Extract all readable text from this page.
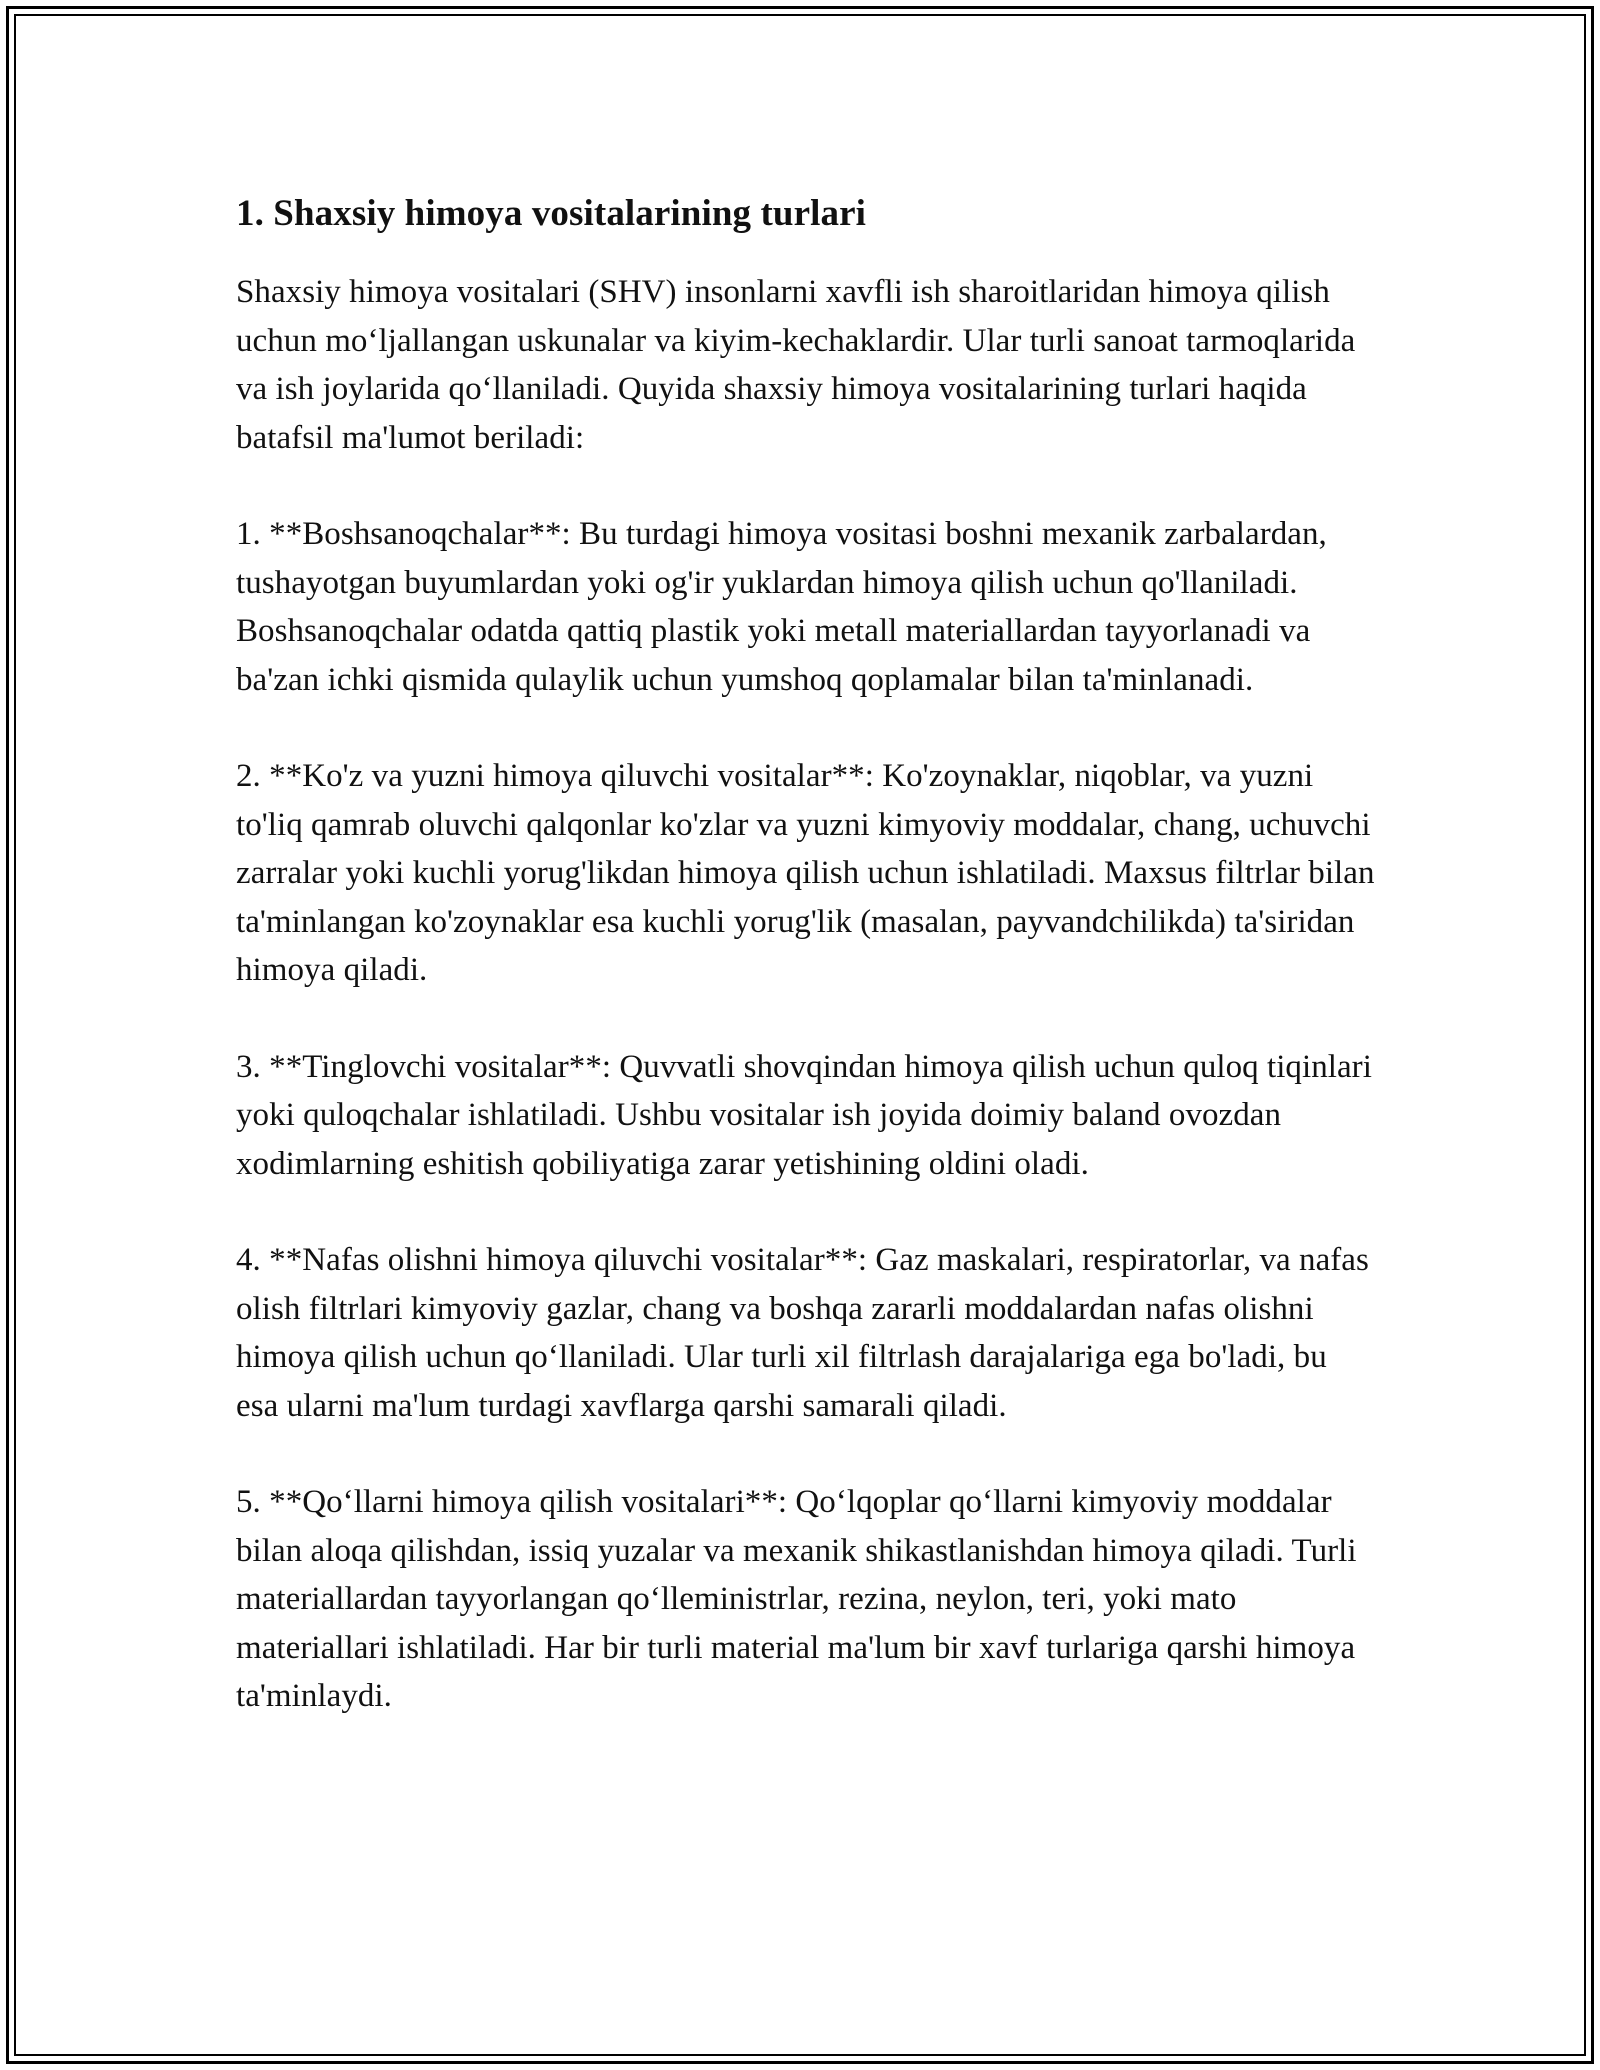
1. Shaxsiy himoya vositalarining turlari

Shaxsiy himoya vositalari (SHV) insonlarni xavfli ish sharoitlaridan himoya qilish uchun mo‘ljallangan uskunalar va kiyim-kechaklardir. Ular turli sanoat tarmoqlarida va ish joylarida qo‘llaniladi. Quyida shaxsiy himoya vositalarining turlari haqida batafsil ma'lumot beriladi:

1. **Boshsanoqchalar**: Bu turdagi himoya vositasi boshni mexanik zarbalardan, tushayotgan buyumlardan yoki og'ir yuklardan himoya qilish uchun qo'llaniladi. Boshsanoqchalar odatda qattiq plastik yoki metall materiallardan tayyorlanadi va ba'zan ichki qismida qulaylik uchun yumshoq qoplamalar bilan ta'minlanadi.

2. **Ko'z va yuzni himoya qiluvchi vositalar**: Ko'zoynaklar, niqoblar, va yuzni to'liq qamrab oluvchi qalqonlar ko'zlar va yuzni kimyoviy moddalar, chang, uchuvchi zarralar yoki kuchli yorug'likdan himoya qilish uchun ishlatiladi. Maxsus filtrlar bilan ta'minlangan ko'zoynaklar esa kuchli yorug'lik (masalan, payvandchilikda) ta'siridan himoya qiladi.

3. **Tinglovchi vositalar**: Quvvatli shovqindan himoya qilish uchun quloq tiqinlari yoki quloqchalar ishlatiladi. Ushbu vositalar ish joyida doimiy baland ovozdan xodimlarning eshitish qobiliyatiga zarar yetishining oldini oladi.

4. **Nafas olishni himoya qiluvchi vositalar**: Gaz maskalari, respiratorlar, va nafas olish filtrlari kimyoviy gazlar, chang va boshqa zararli moddalardan nafas olishni himoya qilish uchun qo‘llaniladi. Ular turli xil filtrlash darajalariga ega bo'ladi, bu esa ularni ma'lum turdagi xavflarga qarshi samarali qiladi.

5. **Qo‘llarni himoya qilish vositalari**: Qo‘lqoplar qo‘llarni kimyoviy moddalar bilan aloqa qilishdan, issiq yuzalar va mexanik shikastlanishdan himoya qiladi. Turli materiallardan tayyorlangan qo‘lleministrlar, rezina, neylon, teri, yoki mato materiallari ishlatiladi. Har bir turli material ma'lum bir xavf turlariga qarshi himoya ta'minlaydi.
